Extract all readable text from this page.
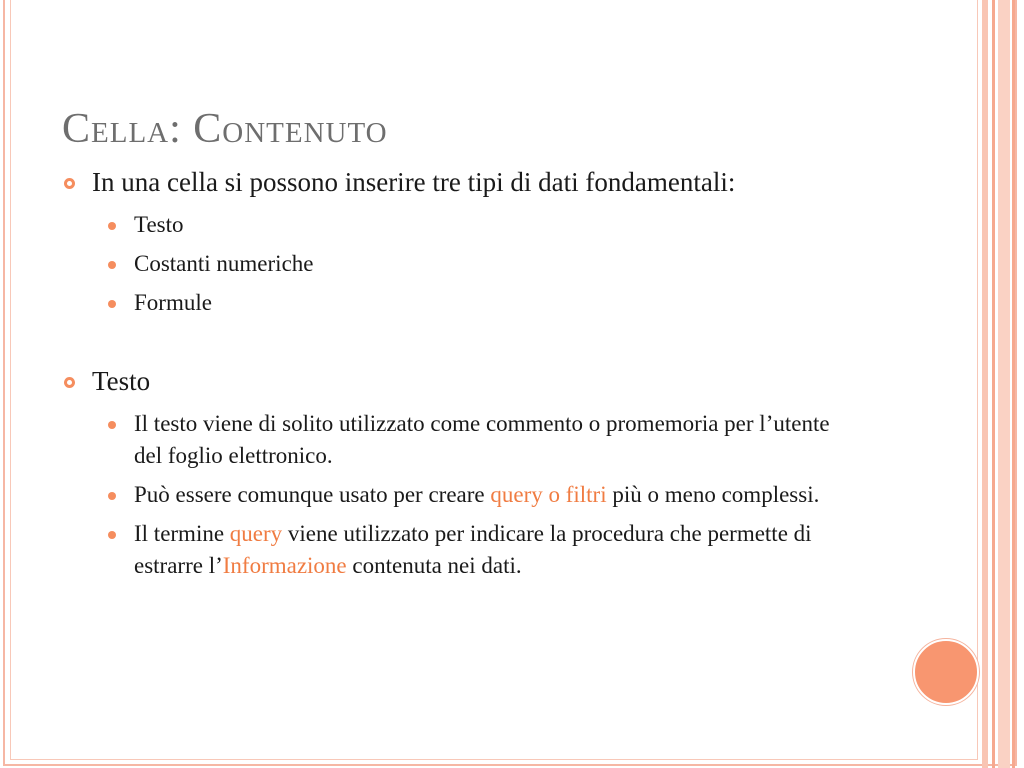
Cella: Contenuto
In una cella si possono inserire tre tipi di dati fondamentali:
Testo
Costanti numeriche
Formule
Testo
Il testo viene di solito utilizzato come commento o promemoria per l’utente del foglio elettronico.
Può essere comunque usato per creare query o filtri più o meno complessi.
Il termine query viene utilizzato per indicare la procedura che permette di estrarre l’Informazione contenuta nei dati.
